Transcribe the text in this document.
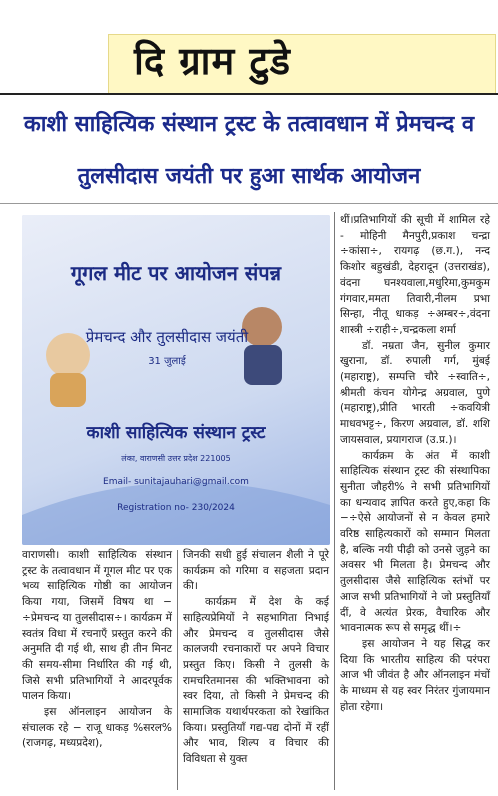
दि ग्राम टुडे
काशी साहित्यिक संस्थान ट्रस्ट के तत्वावधान में प्रेमचन्द व
तुलसीदास जयंती पर हुआ सार्थक आयोजन
गूगल मीट पर आयोजन संपन्न
प्रेमचन्द और तुलसीदास जयंती
31 जुलाई
काशी साहित्यिक संस्थान ट्रस्ट
लंका, वाराणसी उत्तर प्रदेश 221005
Email- sunitajauhari@gmail.com
Registration no- 230/2024

थीं।प्रतिभागियों की सूची में शामिल रहे - मोहिनी मैनपुरी,प्रकाश चन्द्रा ÷कांसा÷, रायगढ़ (छ.ग.), नन्द किशोर बहुखंडी, देहरादून (उत्तराखंड), वंदना घनश्यवाला,मधुरिमा,कुमकुम गंगवार,ममता तिवारी,नीलम प्रभा सिन्हा, नीतू धाकड़ ÷अम्बर÷,वंदना शास्त्री ÷राही÷,चन्द्रकला शर्मा

डॉ. नम्रता जैन, सुनील कुमार खुराना, डॉ. रुपाली गर्ग, मुंबई (महाराष्ट्र), सम्पत्ति चौरे ÷स्वाति÷, श्रीमती कंचन योगेन्द्र अग्रवाल, पुणे (महाराष्ट्र),प्रीति भारती ÷कवयित्री माधवभट्ट÷, किरण अग्रवाल, डॉ. शशि जायसवाल, प्रयागराज (उ.प्र.)।

कार्यक्रम के अंत में काशी साहित्यिक संस्थान ट्रस्ट की संस्थापिका सुनीता जौहरी% ने सभी प्रतिभागियों का धन्यवाद ज्ञापित करते हुए,कहा कि −÷ऐसे आयोजनों से न केवल हमारे वरिष्ठ साहित्यकारों को सम्मान मिलता है, बल्कि नयी पीढ़ी को उनसे जुड़ने का अवसर भी मिलता है। प्रेमचन्द और तुलसीदास जैसे साहित्यिक स्तंभों पर आज सभी प्रतिभागियों ने जो प्रस्तुतियाँ दीं, वे अत्यंत प्रेरक, वैचारिक और भावनात्मक रूप से समृद्ध थीं।÷

इस आयोजन ने यह सिद्ध कर दिया कि भारतीय साहित्य की परंपरा आज भी जीवंत है और ऑनलाइन मंचों के माध्यम से यह स्वर निरंतर गुंजायमान होता रहेगा।

वाराणसी। काशी साहित्यिक संस्थान ट्रस्ट के तत्वावधान में गूगल मीट पर एक भव्य साहित्यिक गोष्ठी का आयोजन किया गया, जिसमें विषय था − ÷प्रेमचन्द या तुलसीदास÷। कार्यक्रम में स्वतंत्र विधा में रचनाएँ प्रस्तुत करने की अनुमति दी गई थी, साथ ही तीन मिनट की समय-सीमा निर्धारित की गई थी, जिसे सभी प्रतिभागियों ने आदरपूर्वक पालन किया।

इस ऑनलाइन आयोजन के संचालक रहे − राजू धाकड़ %सरल% (राजगढ़, मध्यप्रदेश),

जिनकी सधी हुई संचालन शैली ने पूरे कार्यक्रम को गरिमा व सहजता प्रदान की।

कार्यक्रम में देश के कई साहित्यप्रेमियों ने सहभागिता निभाई और प्रेमचन्द व तुलसीदास जैसे कालजयी रचनाकारों पर अपने विचार प्रस्तुत किए। किसी ने तुलसी के रामचरितमानस की भक्तिभावना को स्वर दिया, तो किसी ने प्रेमचन्द की सामाजिक यथार्थपरकता को रेखांकित किया। प्रस्तुतियाँ गद्य-पद्य दोनों में रहीं और भाव, शिल्प व विचार की विविधता से युक्त
